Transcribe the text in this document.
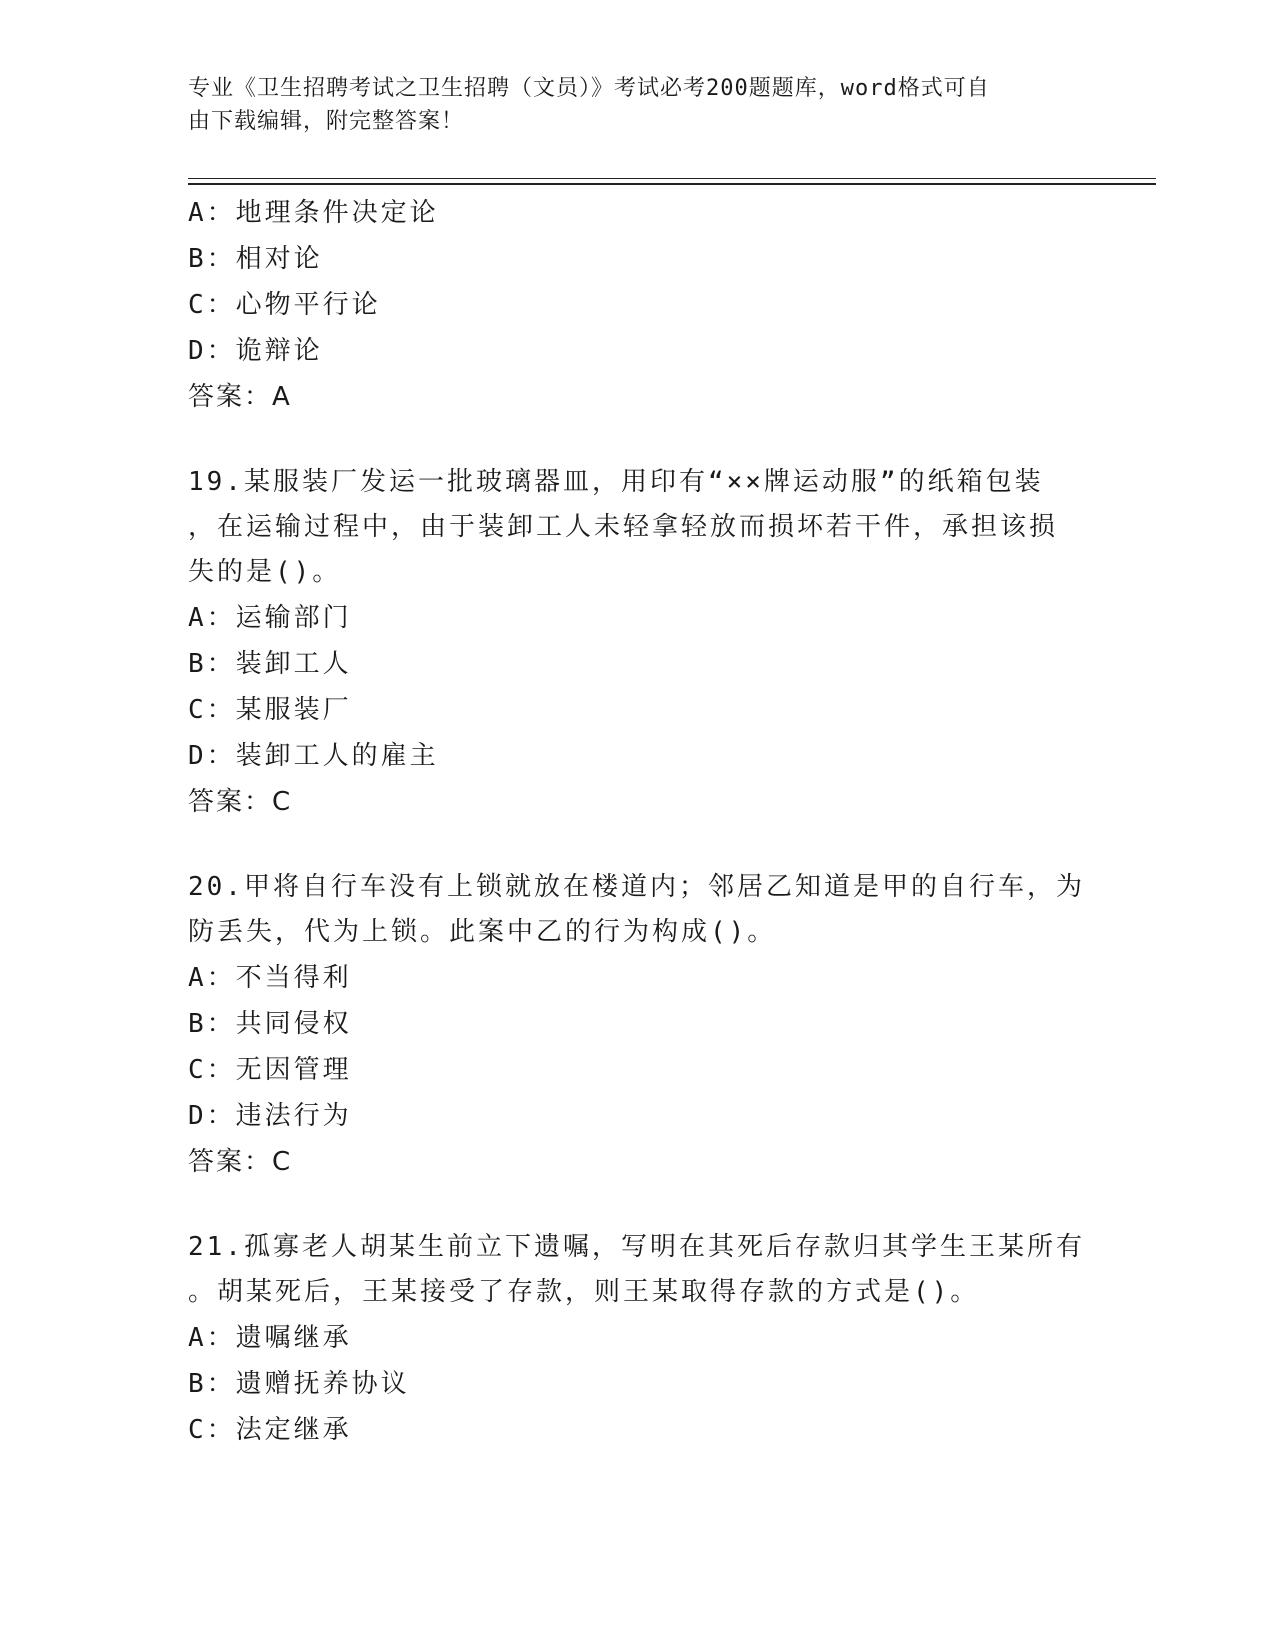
专业《卫生招聘考试之卫生招聘（文员）》考试必考200题题库，word格式可自
由下载编辑，附完整答案！
A：地理条件决定论
B：相对论
C：心物平行论
D：诡辩论
答案：A
19.某服装厂发运一批玻璃器皿，用印有“××牌运动服”的纸箱包装
，在运输过程中，由于装卸工人未轻拿轻放而损坏若干件，承担该损
失的是()。
A：运输部门
B：装卸工人
C：某服装厂
D：装卸工人的雇主
答案：C
20.甲将自行车没有上锁就放在楼道内；邻居乙知道是甲的自行车，为
防丢失，代为上锁。此案中乙的行为构成()。
A：不当得利
B：共同侵权
C：无因管理
D：违法行为
答案：C
21.孤寡老人胡某生前立下遗嘱，写明在其死后存款归其学生王某所有
。胡某死后，王某接受了存款，则王某取得存款的方式是()。
A：遗嘱继承
B：遗赠抚养协议
C：法定继承
